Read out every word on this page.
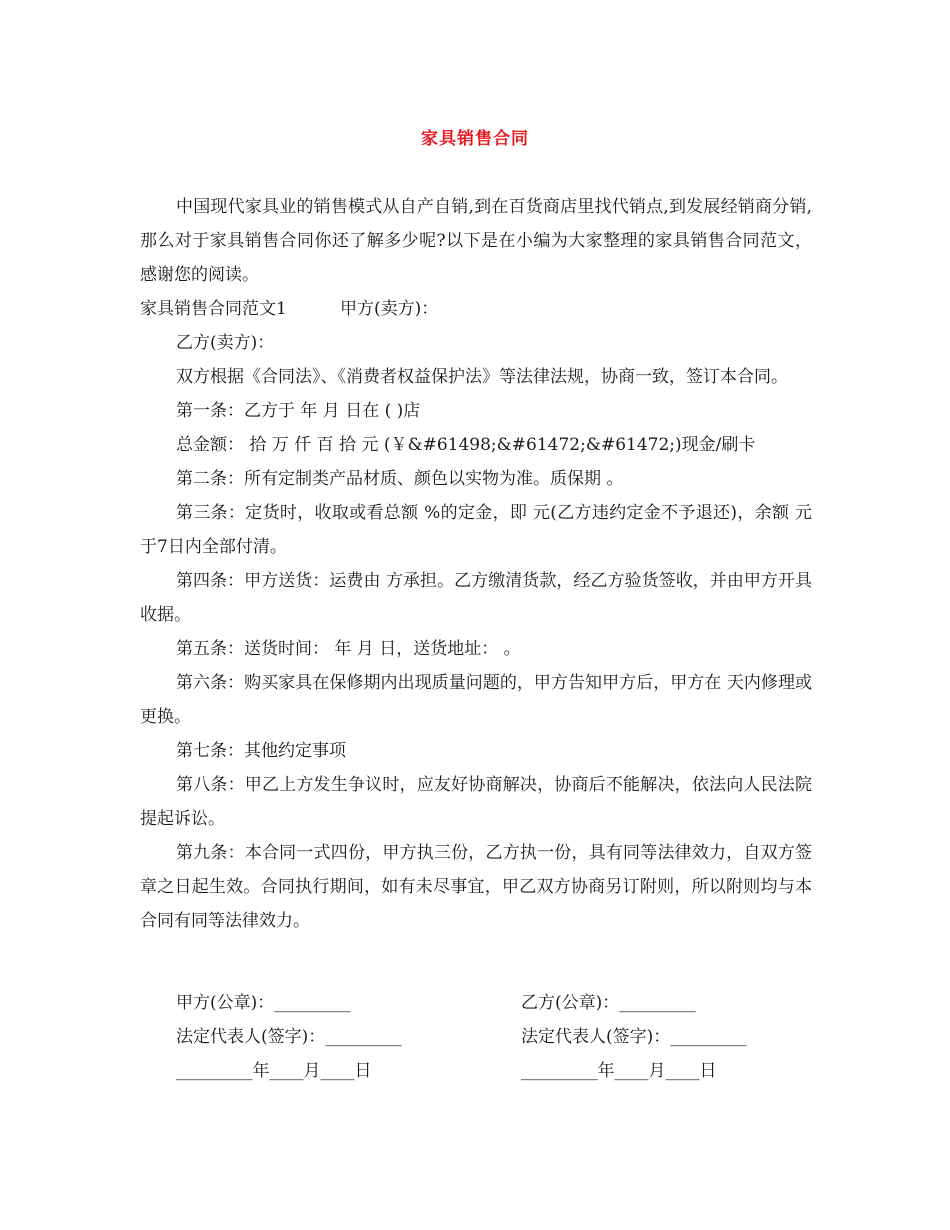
家具销售合同

中国现代家具业的销售模式从自产自销,到在百货商店里找代销点,到发展经销商分销,那么对于家具销售合同你还了解多少呢?以下是在小编为大家整理的家具销售合同范文，感谢您的阅读。

家具销售合同范文1	甲方(卖方)：
乙方(卖方)：

双方根据《合同法》、《消费者权益保护法》等法律法规，协商一致，签订本合同。

第一条：乙方于 年 月 日在 ( )店
总金额： 拾 万 仟 百 拾 元 (￥&#61498;&#61472;&#61472;)现金/刷卡
第二条：所有定制类产品材质、颜色以实物为准。质保期 。

第三条：定货时，收取或看总额 %的定金，即 元(乙方违约定金不予退还)，余额 元于7日内全部付清。

第四条：甲方送货：运费由 方承担。乙方缴清货款，经乙方验货签收，并由甲方开具收据。

第五条：送货时间： 年 月 日，送货地址： 。

第六条：购买家具在保修期内出现质量问题的，甲方告知甲方后，甲方在 天内修理或更换。

第七条：其他约定事项

第八条：甲乙上方发生争议时，应友好协商解决，协商后不能解决，依法向人民法院提起诉讼。

第九条：本合同一式四份，甲方执三份，乙方执一份，具有同等法律效力，自双方签章之日起生效。合同执行期间，如有未尽事宜，甲乙双方协商另订附则，所以附则均与本合同有同等法律效力。

甲方(公章)：_________	乙方(公章)：_________
法定代表人(签字)：_________	法定代表人(签字)：_________
_________年____月____日	_________年____月____日
